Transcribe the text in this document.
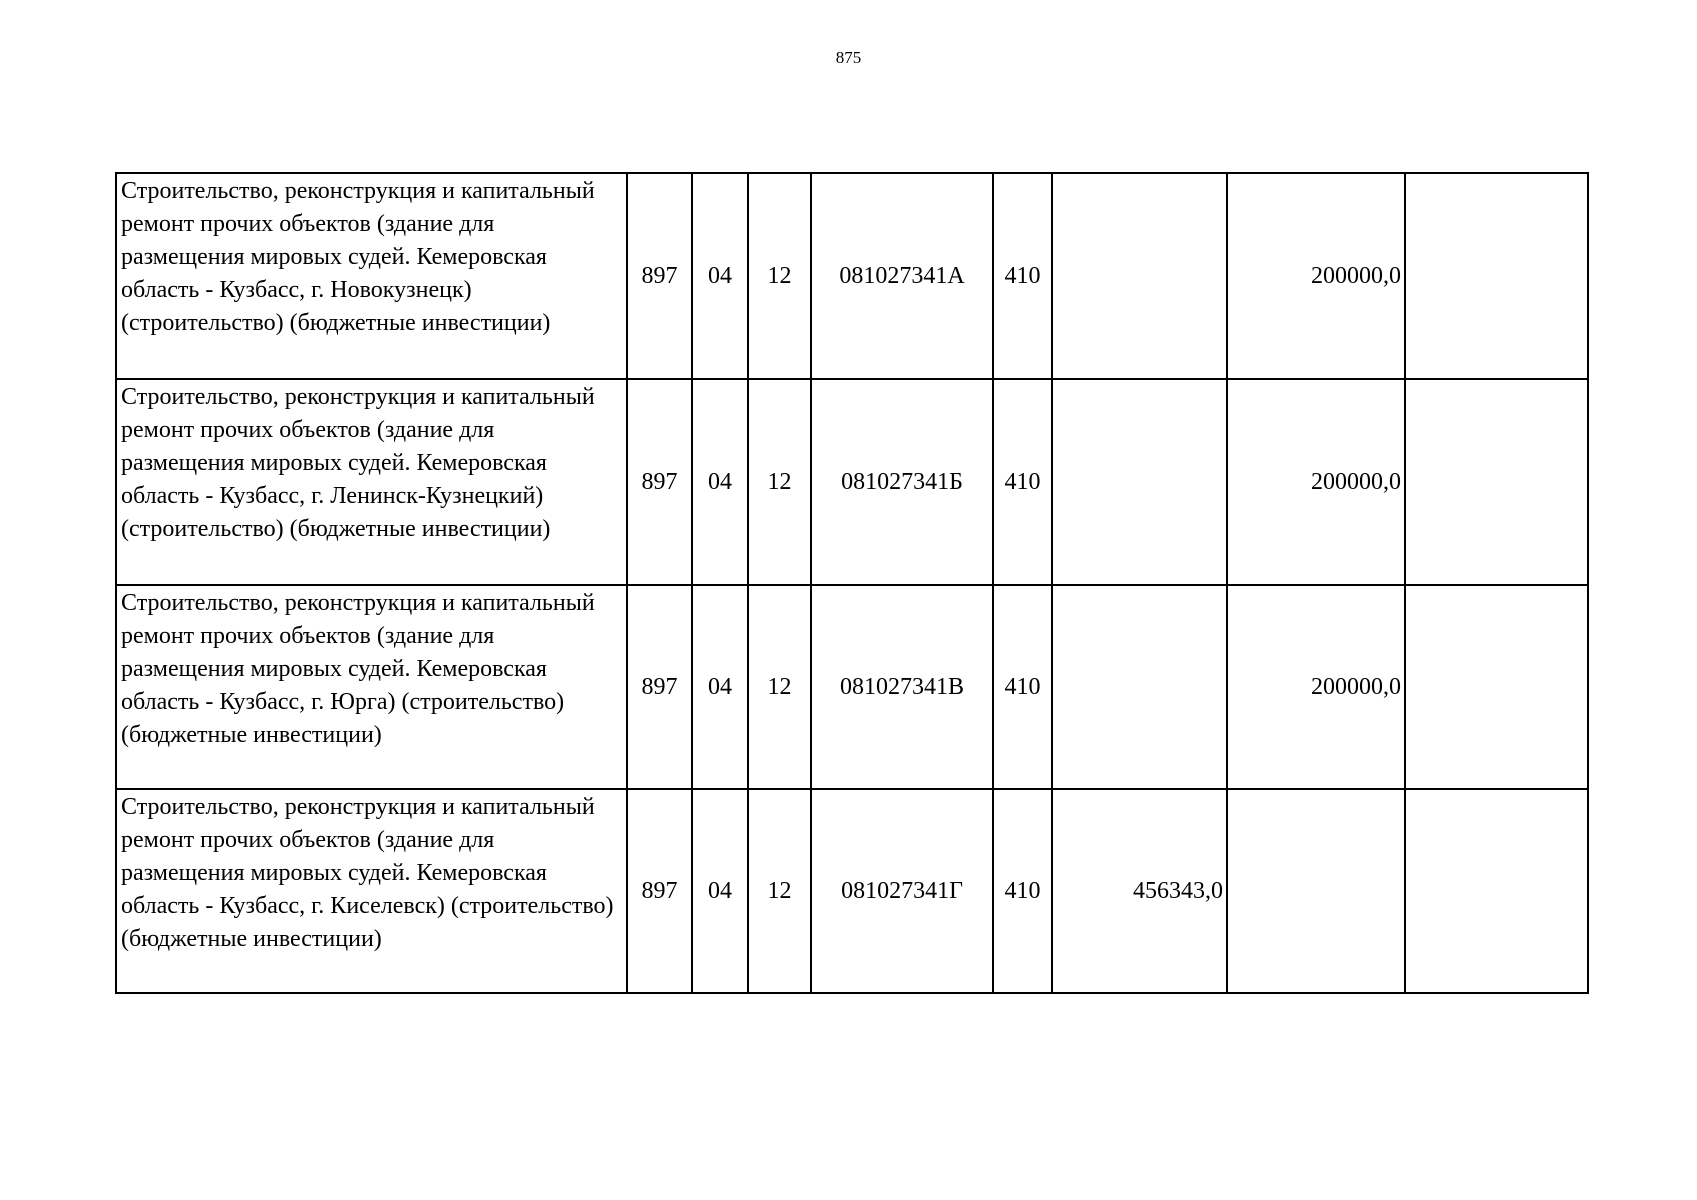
875
Строительство, реконструкция и капитальный ремонт прочих объектов (здание для размещения мировых судей. Кемеровская область - Кузбасс, г. Новокузнецк) (строительство) (бюджетные инвестиции)	897	04	12	081027341А	410		200000,0	
Строительство, реконструкция и капитальный ремонт прочих объектов (здание для размещения мировых судей. Кемеровская область - Кузбасс, г. Ленинск-Кузнецкий) (строительство) (бюджетные инвестиции)	897	04	12	081027341Б	410		200000,0	
Строительство, реконструкция и капитальный ремонт прочих объектов (здание для размещения мировых судей. Кемеровская область - Кузбасс, г. Юрга) (строительство) (бюджетные инвестиции)	897	04	12	081027341В	410		200000,0	
Строительство, реконструкция и капитальный ремонт прочих объектов (здание для размещения мировых судей. Кемеровская область - Кузбасс, г. Киселевск) (строительство) (бюджетные инвестиции)	897	04	12	081027341Г	410	456343,0		
